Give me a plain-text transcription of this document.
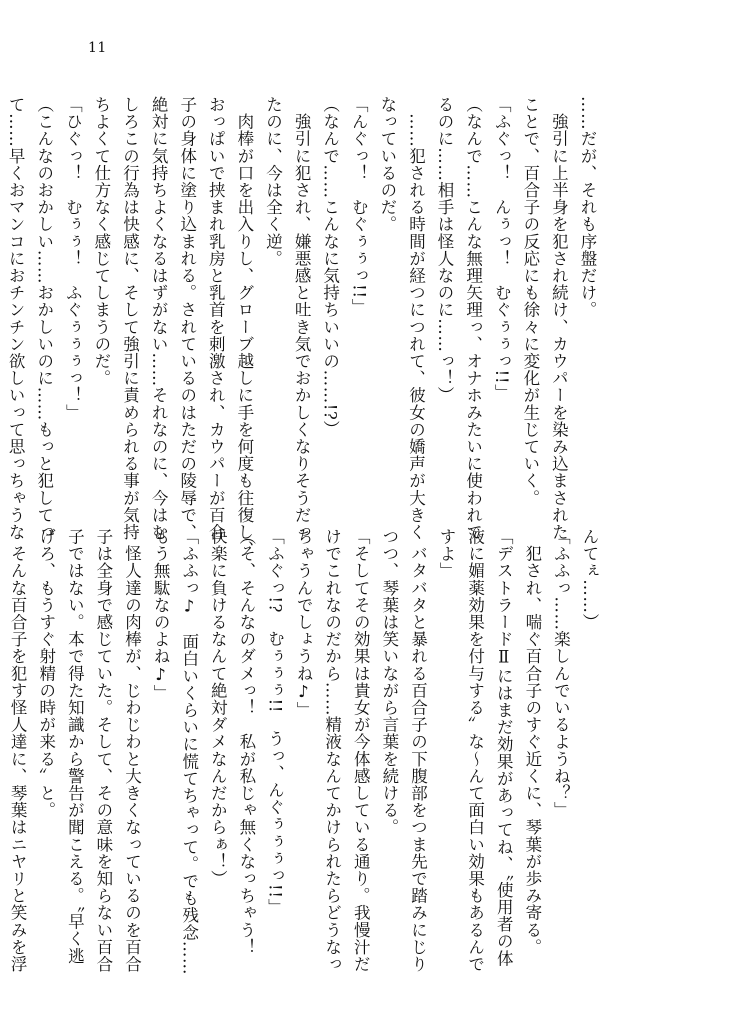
11
……だが、それも序盤だけ。
　強引に上半身を犯され続け、カウパーを染み込まされた
ことで、百合子の反応にも徐々に変化が生じていく。
「ふぐっ！　んぅっ！　むぐぅぅっ!!」
（なんで……こんな無理矢理っ、オナホみたいに使われて
るのに……相手は怪人なのに……っ！）
　……犯される時間が経つにつれて、彼女の嬌声が大きく
なっているのだ。
「んぐっ！　むぐぅぅっ!!」
（なんで……こんなに気持ちいいの……!?）
　強引に犯され、嫌悪感と吐き気でおかしくなりそうだっ
たのに、今は全く逆。
　肉棒が口を出入りし、グローブ越しに手を何度も往復し、
おっぱいで挟まれ乳房と乳首を刺激され、カウパーが百合
子の身体に塗り込まれる。されているのはただの陵辱で、
絶対に気持ちよくなるはずがない……それなのに、今はむ
しろこの行為は快感に、そして強引に責められる事が気持
ちよくて仕方なく感じてしまうのだ。
「ひぐっ！　むぅぅ！　ふぐぅぅぅっ！」
（こんなのおかしい……おかしいのに……もっと犯してっ
て……早くおマンコにおチンチン欲しいって思っちゃうな
んてぇ……）
「ふふっ……楽しんでいるようね？」
　犯され、喘ぐ百合子のすぐ近くに、琴葉が歩み寄る。
「デストラードⅡにはまだ効果があってね、〝使用者の体
液に媚薬効果を付与する〟な〜んて面白い効果もあるんで
すよ」
　バタバタと暴れる百合子の下腹部をつま先で踏みにじり
つつ、琴葉は笑いながら言葉を続ける。
「そしてその効果は貴女が今体感している通り。我慢汁だ
けでこれなのだから……精液なんてかけられたらどうなっ
ちゃうんでしょうね♪」
「ふぐっ!?　むぅぅぅ!!　うっ、んぐぅぅぅっ!!」
（そ、そんなのダメっ！　私が私じゃ無くなっちゃう！
快楽に負けるなんて絶対ダメなんだからぁ！）
「ふふっ♪　面白いくらいに慌てちゃって。でも残念……
もう無駄なのよね♪」
　怪人達の肉棒が、じわじわと大きくなっているのを百合
子は全身で感じていた。そして、その意味を知らない百合
子ではない。本で得た知識から警告が聞こえる。〝早く逃
げろ、もうすぐ射精の時が来る〟と。
　そんな百合子を犯す怪人達に、琴葉はニヤリと笑みを浮
